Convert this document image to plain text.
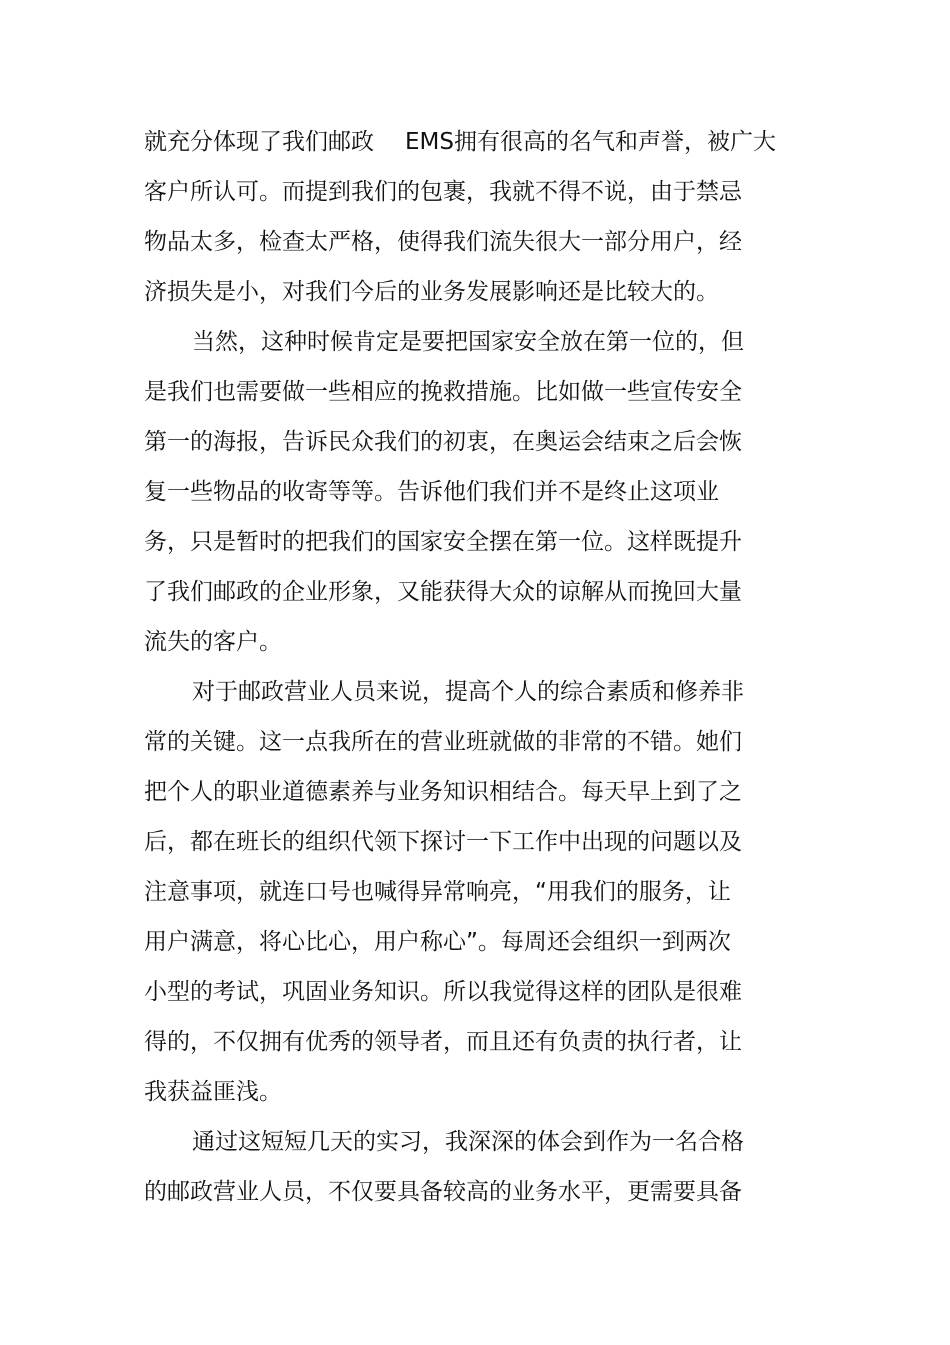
就充分体现了我们邮政 EMS拥有很高的名气和声誉，被广大
客户所认可。而提到我们的包裹，我就不得不说，由于禁忌
物品太多，检查太严格，使得我们流失很大一部分用户，经
济损失是小，对我们今后的业务发展影响还是比较大的。
当然，这种时候肯定是要把国家安全放在第一位的，但
是我们也需要做一些相应的挽救措施。比如做一些宣传安全
第一的海报，告诉民众我们的初衷，在奥运会结束之后会恢
复一些物品的收寄等等。告诉他们我们并不是终止这项业
务，只是暂时的把我们的国家安全摆在第一位。这样既提升
了我们邮政的企业形象，又能获得大众的谅解从而挽回大量
流失的客户。
对于邮政营业人员来说，提高个人的综合素质和修养非
常的关键。这一点我所在的营业班就做的非常的不错。她们
把个人的职业道德素养与业务知识相结合。每天早上到了之
后，都在班长的组织代领下探讨一下工作中出现的问题以及
注意事项，就连口号也喊得异常响亮，“用我们的服务，让
用户满意，将心比心，用户称心”。每周还会组织一到两次
小型的考试，巩固业务知识。所以我觉得这样的团队是很难
得的，不仅拥有优秀的领导者，而且还有负责的执行者，让
我获益匪浅。
通过这短短几天的实习，我深深的体会到作为一名合格
的邮政营业人员，不仅要具备较高的业务水平，更需要具备
